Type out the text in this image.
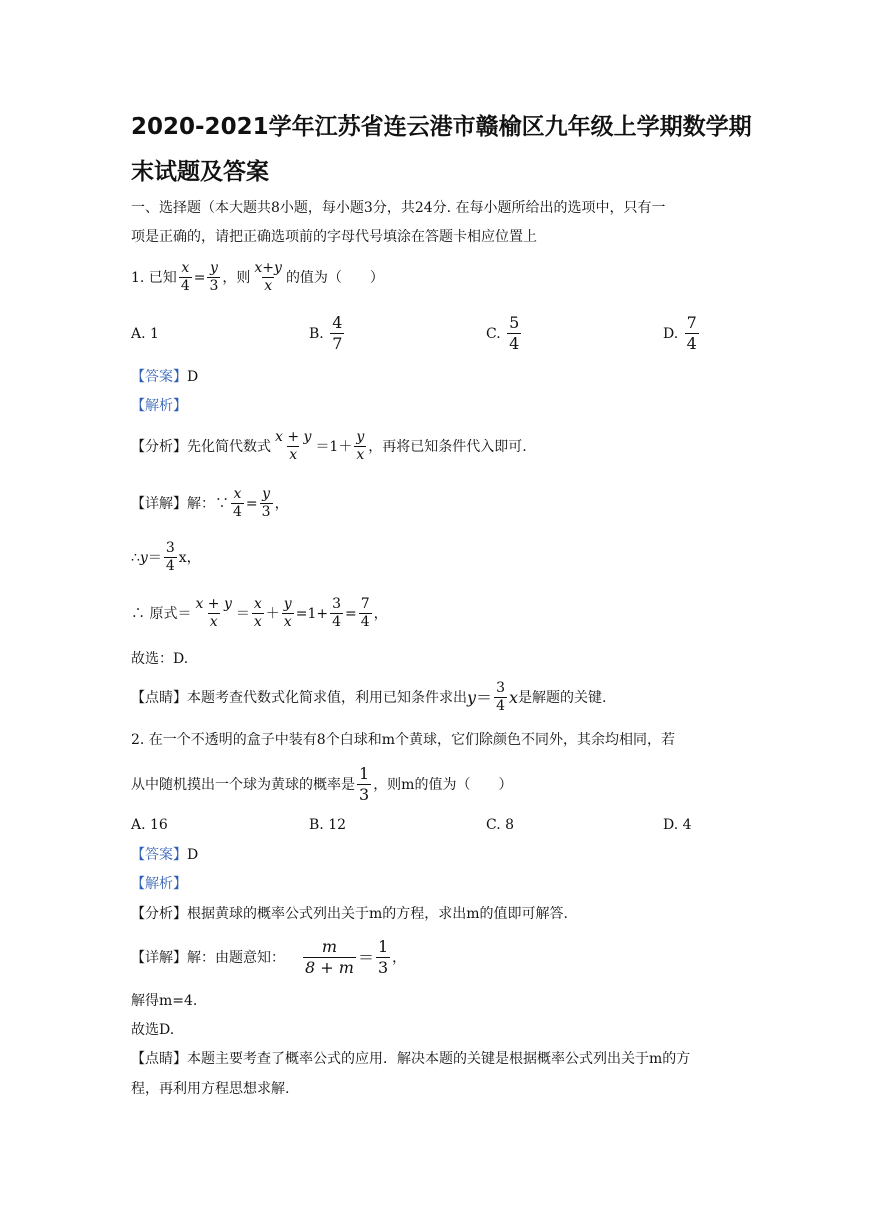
2020-2021学年江苏省连云港市赣榆区九年级上学期数学期
末试题及答案
一、选择题（本大题共8小题，每小题3分，共24分. 在每小题所给出的选项中，只有一
项是正确的，请把正确选项前的字母代号填涂在答题卡相应位置上
1. 已知 $\frac{x}{4} = \frac{y}{3}$ ，则 $\frac{x+y}{x}$ 的值为（　　）
A. 1	B.
$\frac{4}{7}$	C.
$\frac{5}{4}$	D.
$\frac{7}{4}$
【答案】D
【解析】
【分析】 先化简代数式 $\frac{x + y}{x} =1+ \frac{y}{x}$ ，再将已知条件代入即可.
【详解】 解：∵ $\frac{x}{4} = \frac{y}{3}$ ，
∴ $y = \frac{3}{4}$ x，
∴ 原式＝ $\frac{x + y}{x} = \frac{x}{x} + \frac{y}{x} =1+ \frac{3}{4} = \frac{7}{4}$ ，
故选：D.
【点睛】 本题考查代数式化简求值，利用已知条件求出 $y = \frac{3}{4}$ x 是解题的关键.
2. 在一个不透明的盒子中装有8个白球和m个黄球，它们除颜色不同外，其余均相同，若
从中随机摸出一个球为黄球的概率是 $\frac{1}{3}$ ，则m的值为（　　）
A. 16	B. 12	C. 8	D. 4
【答案】D
【解析】
【分析】根据黄球的概率公式列出关于m的方程，求出m的值即可解答.
【详解】 解：由题意知： $\frac{m}{8 + m} = \frac{1}{3}$ ，
解得m=4.
故选D.
【点睛】本题主要考查了概率公式的应用．解决本题的关键是根据概率公式列出关于m的方
程，再利用方程思想求解.
